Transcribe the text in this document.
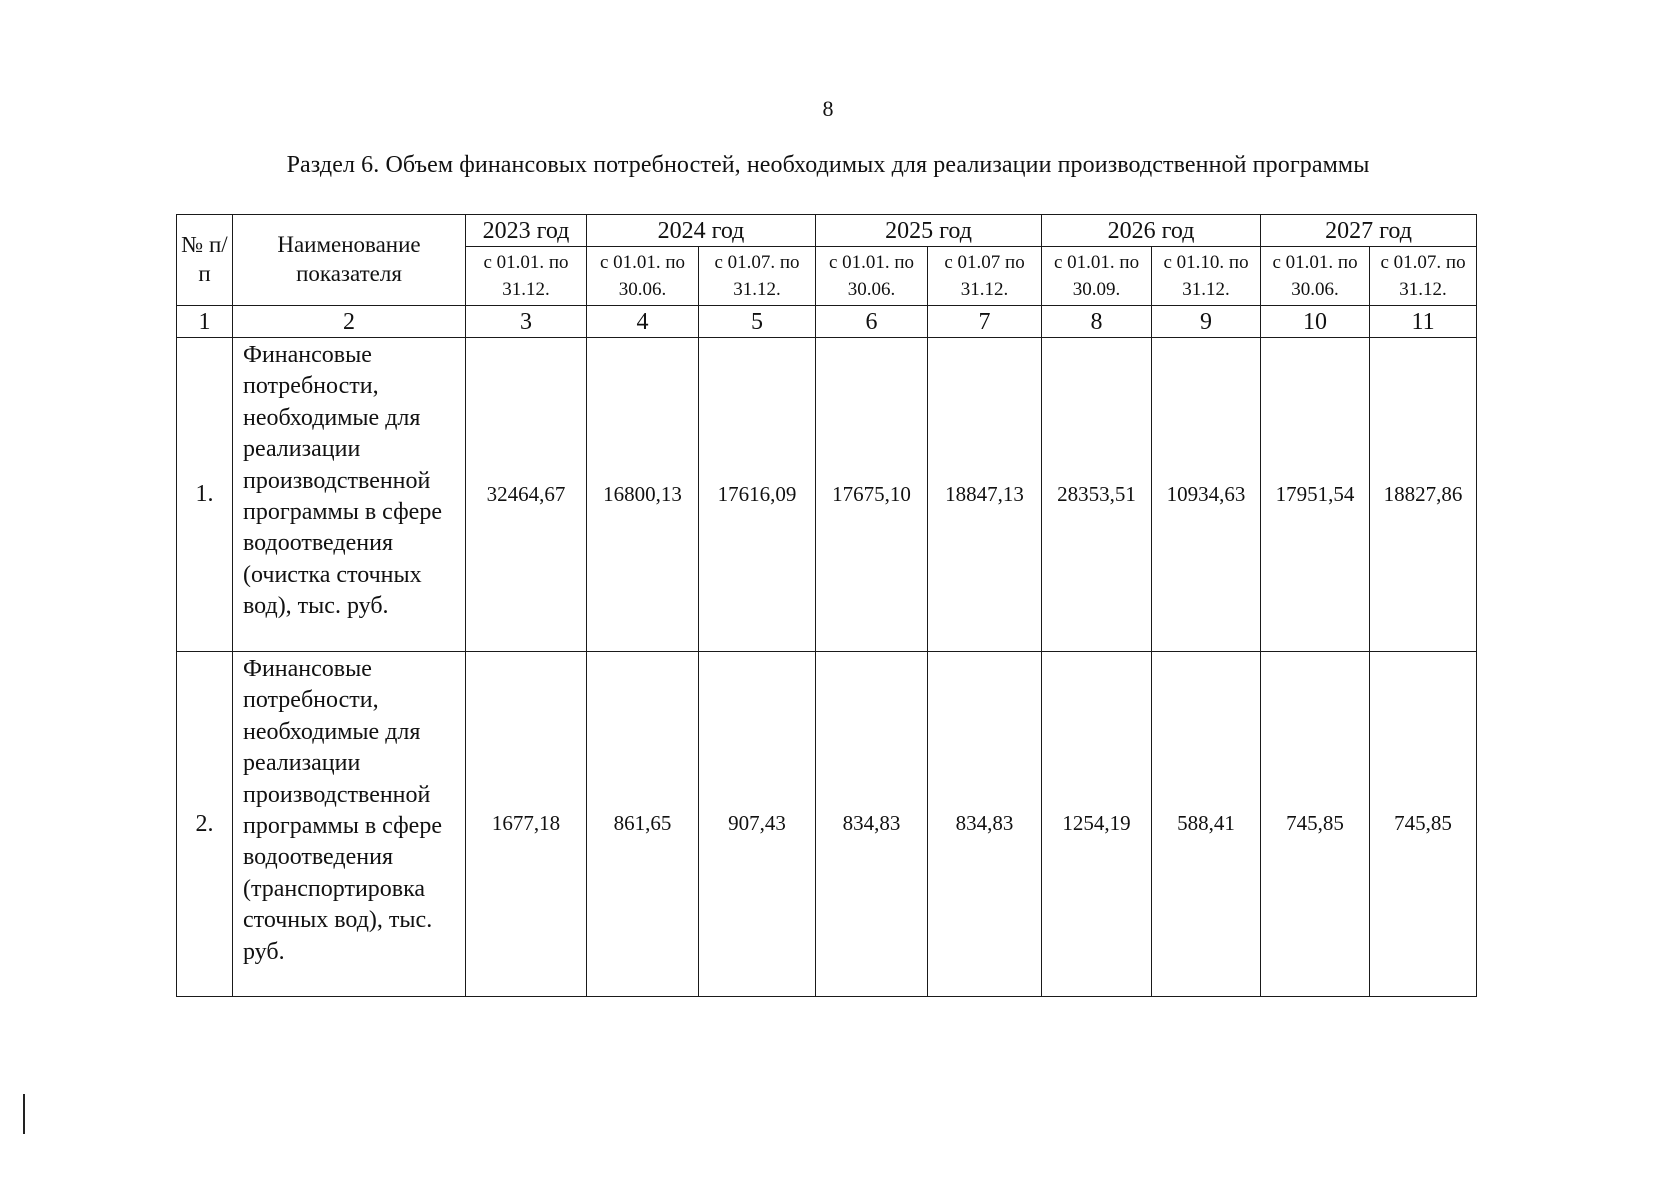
8
Раздел 6. Объем финансовых потребностей, необходимых для реализации производственной программы
№ п/п	Наименование показателя	2023 год	2024 год		2025 год		2026 год		2027 год	
		с 01.01. по 31.12.	с 01.01. по 30.06.	с 01.07. по 31.12.	с 01.01. по 30.06.	с 01.07 по 31.12.	с 01.01. по 30.09.	с 01.10. по 31.12.	с 01.01. по 30.06.	с 01.07. по 31.12.
1	2	3	4	5	6	7	8	9	10	11
1.	Финансовые потребности, необходимые для реализации производственной программы в сфере водоотведения (очистка сточных вод), тыс. руб.	32464,67	16800,13	17616,09	17675,10	18847,13	28353,51	10934,63	17951,54	18827,86
2.	Финансовые потребности, необходимые для реализации производственной программы в сфере водоотведения (транспортировка сточных вод), тыс. руб.	1677,18	861,65	907,43	834,83	834,83	1254,19	588,41	745,85	745,85
